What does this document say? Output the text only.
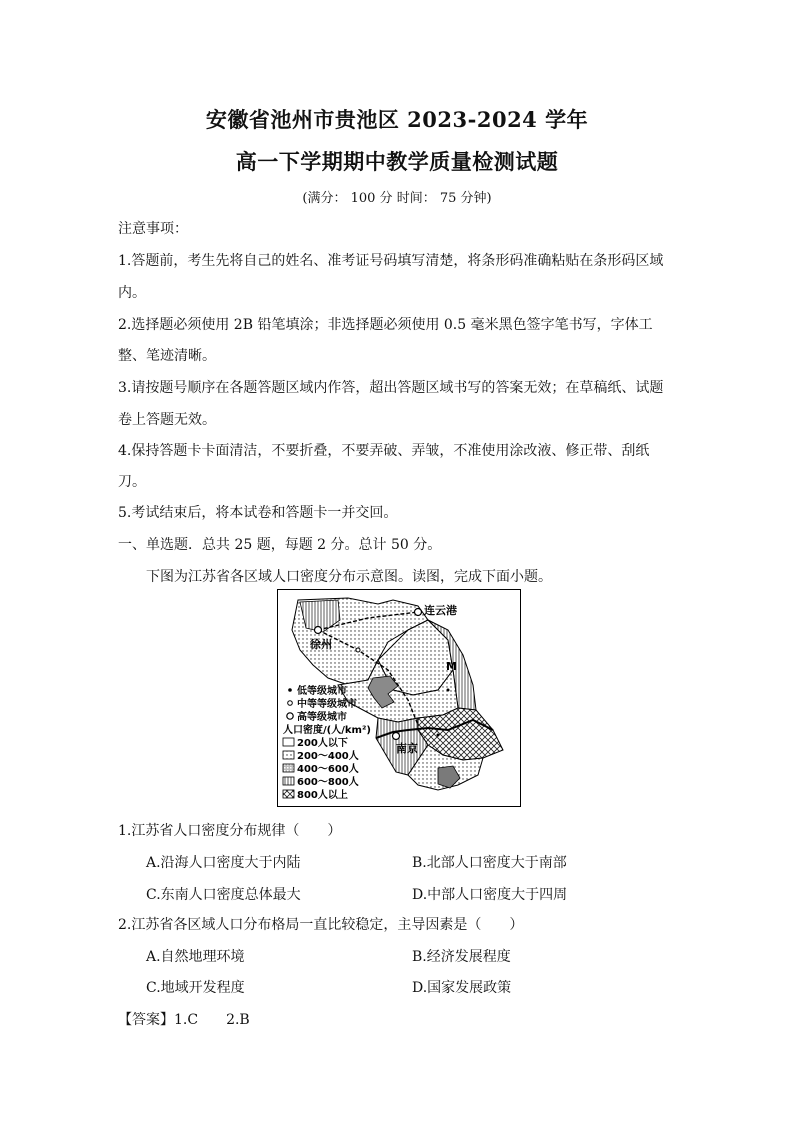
安徽省池州市贵池区 2023-2024 学年
高一下学期期中教学质量检测试题
(满分： 100 分 时间： 75 分钟)
注意事项：
1.答题前，考生先将自己的姓名、准考证号码填写清楚，将条形码准确粘贴在条形码区域
内。
2.选择题必须使用 2B 铅笔填涂；非选择题必须使用 0.5 毫米黑色签字笔书写，字体工
整、笔迹清晰。
3.请按题号顺序在各题答题区域内作答，超出答题区域书写的答案无效；在草稿纸、试题
卷上答题无效。
4.保持答题卡卡面清洁，不要折叠，不要弄破、弄皱，不准使用涂改液、修正带、刮纸
刀。
5.考试结束后，将本试卷和答题卡一并交回。
一、单选题．总共 25 题，每题 2 分。总计 50 分。
下图为江苏省各区域人口密度分布示意图。读图，完成下面小题。
连云港
徐州
南京
M
低等级城市
中等等级城市
高等级城市
人口密度/(人/km²)
200人以下
200～400人
400～600人
600～800人
800人以上
1.江苏省人口密度分布规律（　　）
A.沿海人口密度大于内陆	B.北部人口密度大于南部
C.东南人口密度总体最大	D.中部人口密度大于四周
2.江苏省各区域人口分布格局一直比较稳定，主导因素是（　　）
A.自然地理环境	B.经济发展程度
C.地域开发程度	D.国家发展政策
【答案】1.C　　2.B
